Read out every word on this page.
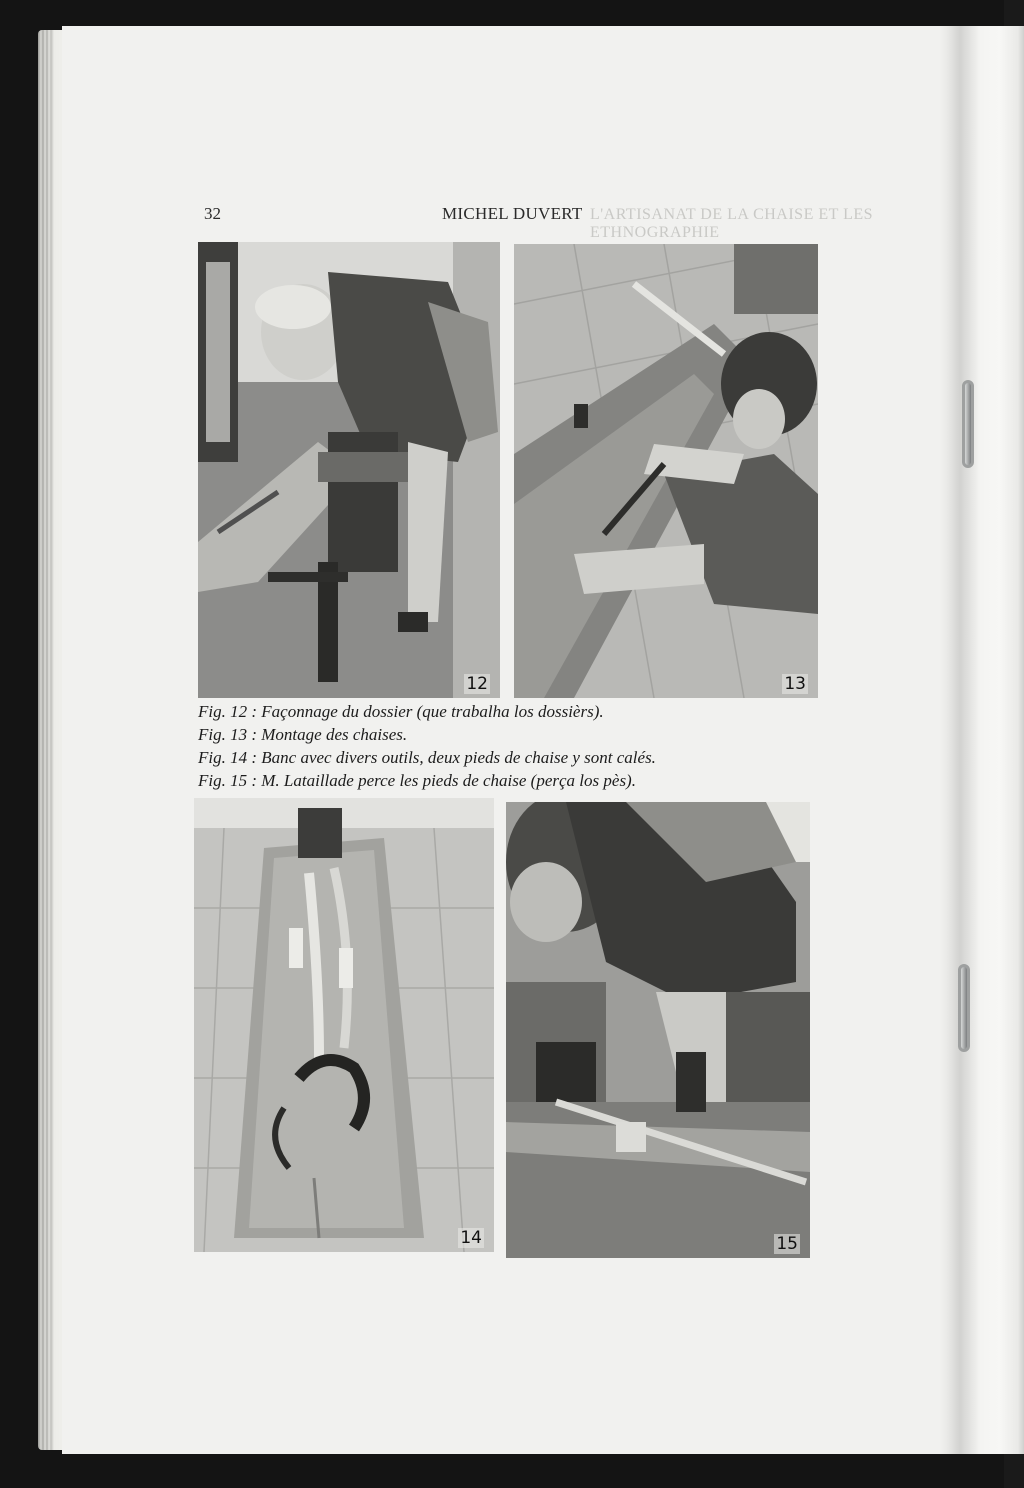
L'ARTISANAT DE LA CHAISE ET LES ETHNOGRAPHIE
32	MICHEL DUVERT
12	13
Fig. 12 : Façonnage du dossier (que trabalha los dossièrs).
Fig. 13 : Montage des chaises.
Fig. 14 : Banc avec divers outils, deux pieds de chaise y sont calés.
Fig. 15 : M. Lataillade perce les pieds de chaise (perça los pès).
14	15
